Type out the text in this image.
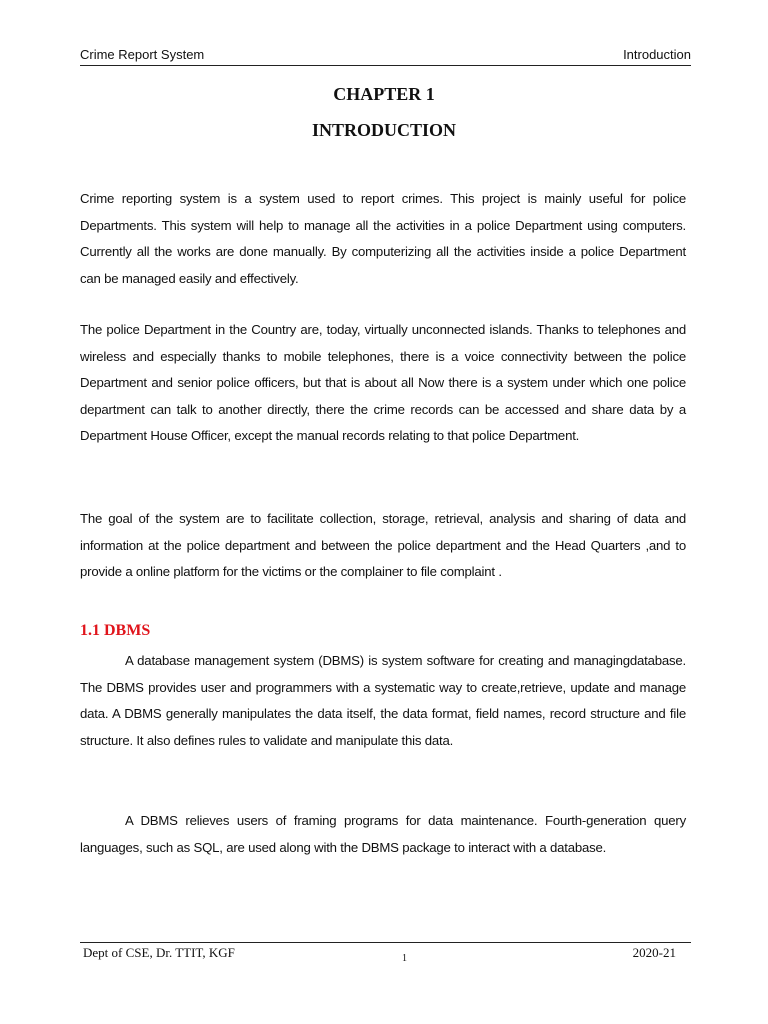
Crime Report System	Introduction
CHAPTER 1
INTRODUCTION
Crime reporting system is a system used to report crimes. This project is mainly useful for police Departments. This system will help to manage all the activities in a police Department using computers. Currently all the works are done manually. By computerizing all the activities inside a police Department can be managed easily and effectively.
The police Department in the Country are, today, virtually unconnected islands. Thanks to telephones and wireless and especially thanks to mobile telephones, there is a voice connectivity between the police Department and senior police officers, but that is about all Now there is a system under which one police department can talk to another directly, there the crime records can be accessed and share data by a Department House Officer, except the manual records relating to that police Department.
The goal of the system are to facilitate collection, storage, retrieval, analysis and sharing of data and information at the police department and between the police department and the Head Quarters ,and to provide a online platform for the victims or the complainer to file complaint .
1.1 DBMS
A database management system (DBMS) is system software for creating and managingdatabase. The DBMS provides user and programmers with a systematic way to create,retrieve, update and manage data. A DBMS generally manipulates the data itself, the data format, field names, record structure and file structure. It also defines rules to validate and manipulate this data.
A DBMS relieves users of framing programs for data maintenance. Fourth-generation query languages, such as SQL, are used along with the DBMS package to interact with a database.
Dept of CSE, Dr. TTIT, KGF	1	2020-21
